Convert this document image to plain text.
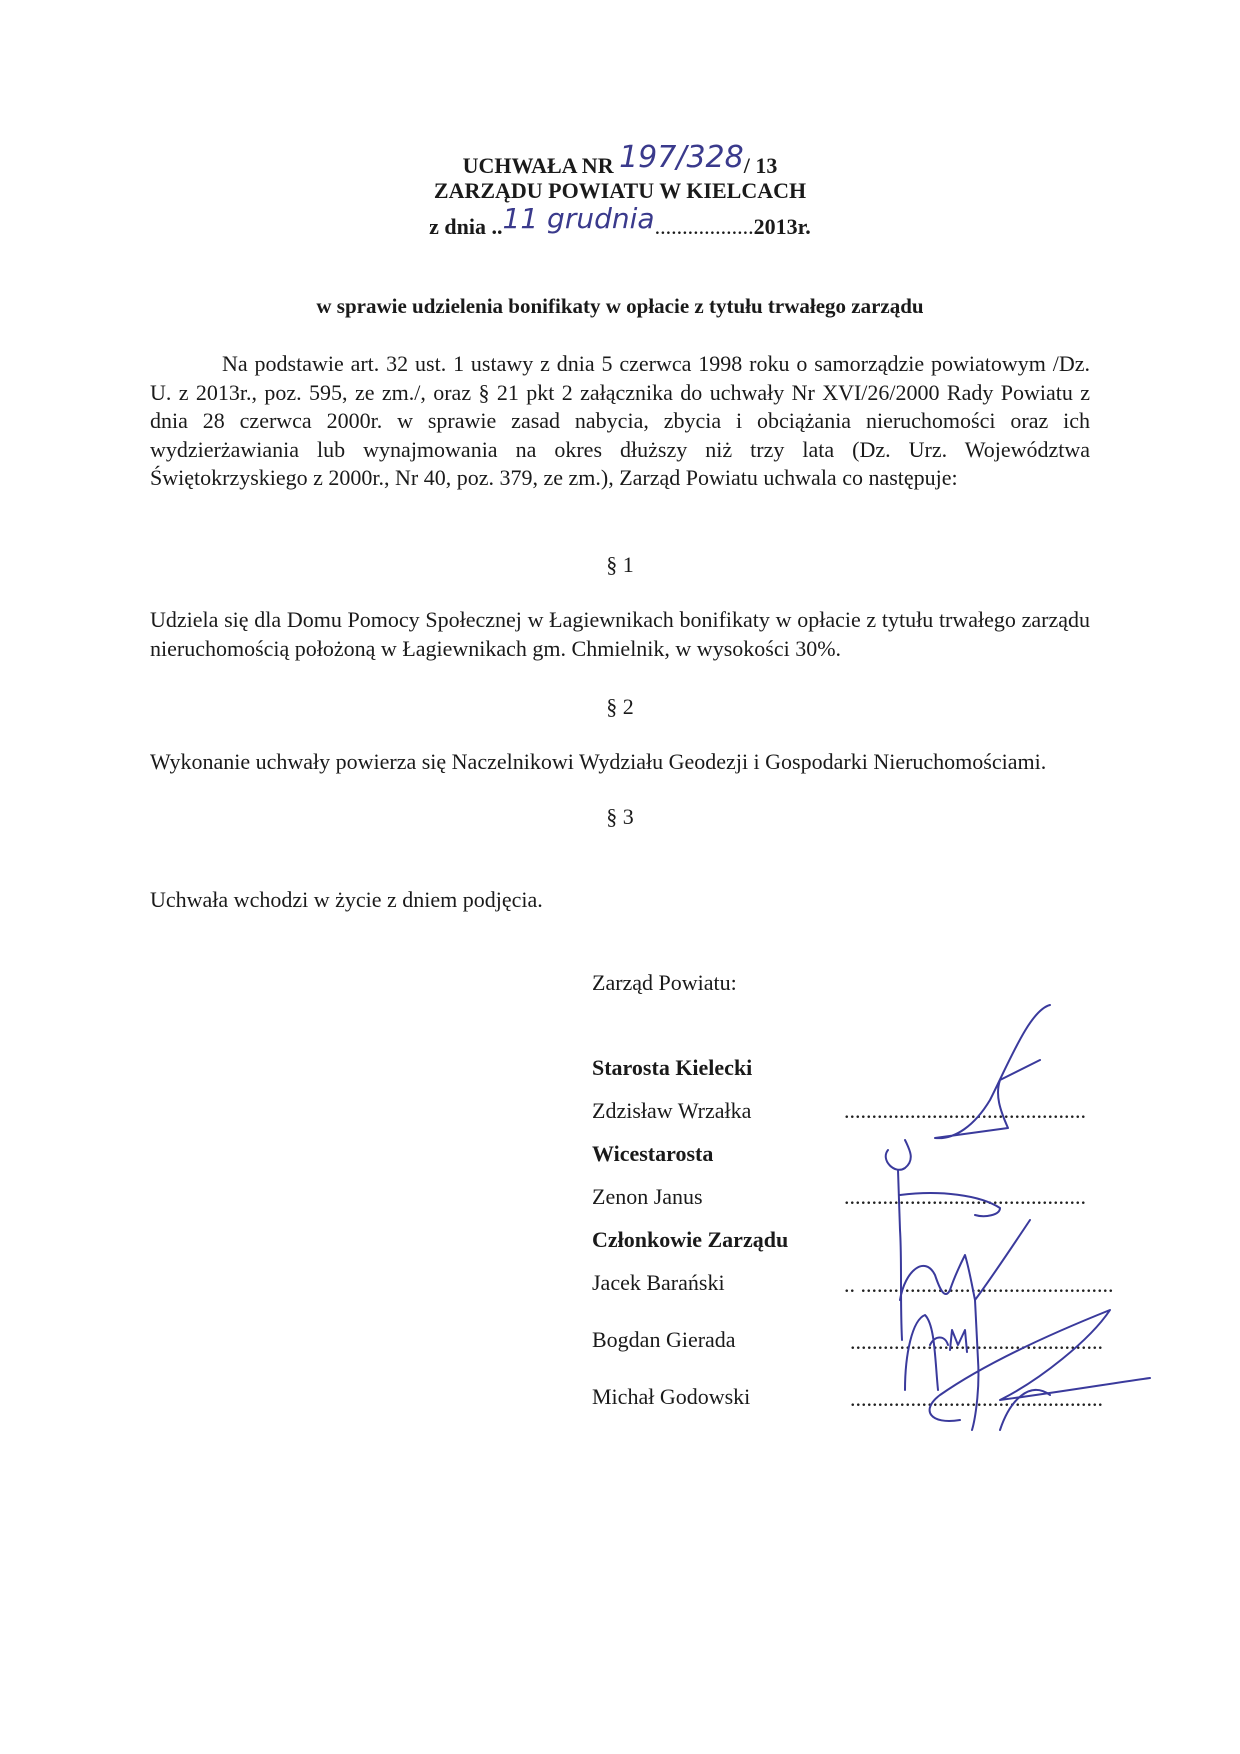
UCHWAŁA NR 197/328/ 13
ZARZĄDU POWIATU W KIELCACH
z dnia ..11 grudnia..................2013r.
w sprawie udzielenia bonifikaty w opłacie z tytułu trwałego zarządu
Na podstawie art. 32 ust. 1 ustawy z dnia 5 czerwca 1998 roku o samorządzie powiatowym /Dz. U. z 2013r., poz. 595, ze zm./, oraz § 21 pkt 2 załącznika do uchwały Nr XVI/26/2000 Rady Powiatu z dnia 28 czerwca 2000r. w sprawie zasad nabycia, zbycia i obciążania nieruchomości oraz ich wydzierżawiania lub wynajmowania na okres dłuższy niż trzy lata (Dz. Urz. Województwa Świętokrzyskiego z 2000r., Nr 40, poz. 379, ze zm.), Zarząd Powiatu uchwala co następuje:
§ 1
Udziela się dla Domu Pomocy Społecznej w Łagiewnikach bonifikaty w opłacie z tytułu trwałego zarządu nieruchomością położoną w Łagiewnikach gm. Chmielnik, w wysokości 30%.
§ 2
Wykonanie uchwały powierza się Naczelnikowi Wydziału Geodezji i Gospodarki Nieruchomościami.
§ 3
Uchwała wchodzi w życie z dniem podjęcia.
Zarząd Powiatu:
Starosta Kielecki
Zdzisław Wrzałka	............................................
Wicestarosta
Zenon Janus	............................................
Członkowie Zarządu
Jacek Barański	.. ..............................................
Bogdan Gierada	..............................................
Michał Godowski	..............................................
